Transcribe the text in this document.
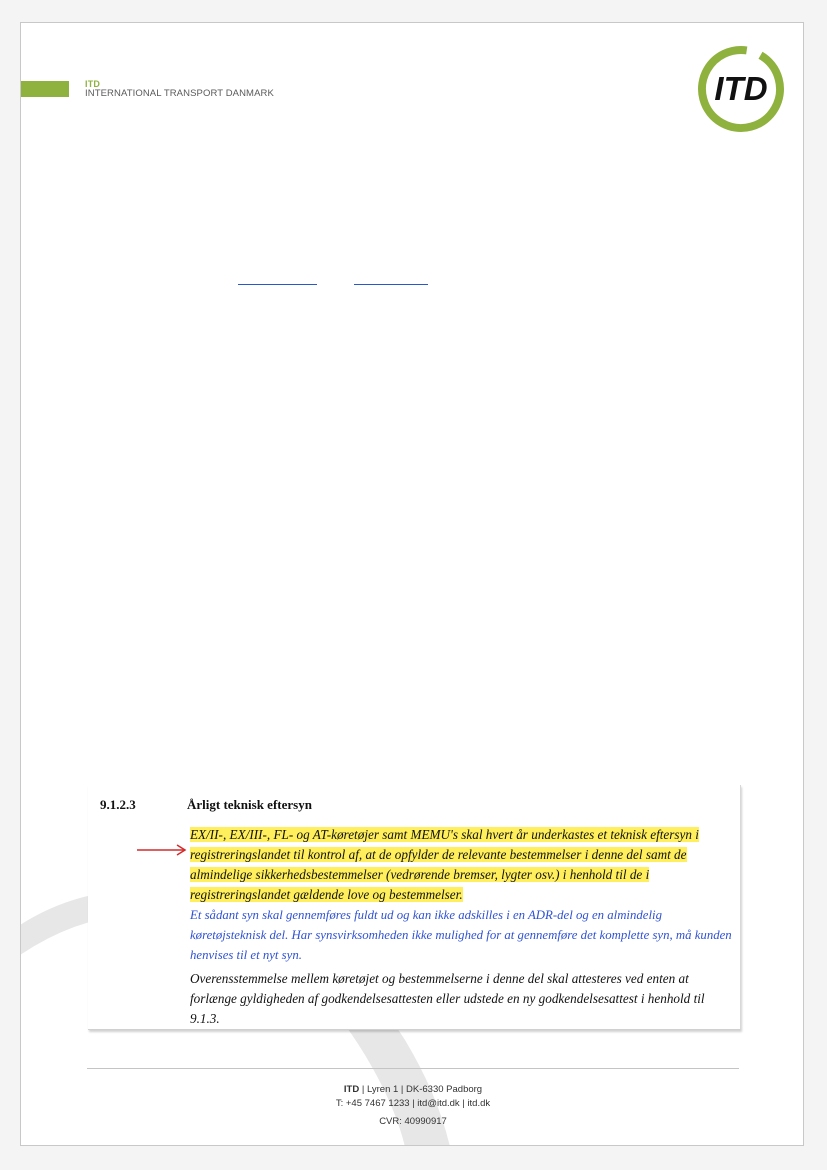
ITD
INTERNATIONAL TRANSPORT DANMARK	ITD
9.1.2.3	Årligt teknisk eftersyn

EX/II-, EX/III-, FL- og AT-køretøjer samt MEMU's skal hvert år underkastes et teknisk eftersyn i registreringslandet til kontrol af, at de opfylder de relevante bestemmelser i denne del samt de almindelige sikkerhedsbestemmelser (vedrørende bremser, lygter osv.) i henhold til de i registreringslandet gældende love og bestemmelser.

Et sådant syn skal gennemføres fuldt ud og kan ikke adskilles i en ADR-del og en almindelig køretøjsteknisk del. Har synsvirksomheden ikke mulighed for at gennemføre det komplette syn, må kunden henvises til et nyt syn.

Overensstemmelse mellem køretøjet og bestemmelserne i denne del skal attesteres ved enten at forlænge gyldigheden af godkendelsesattesten eller udstede en ny godkendelsesattest i henhold til 9.1.3.

ITD | Lyren 1 | DK-6330 Padborg
T: +45 7467 1233 | itd@itd.dk | itd.dk
CVR: 40990917
